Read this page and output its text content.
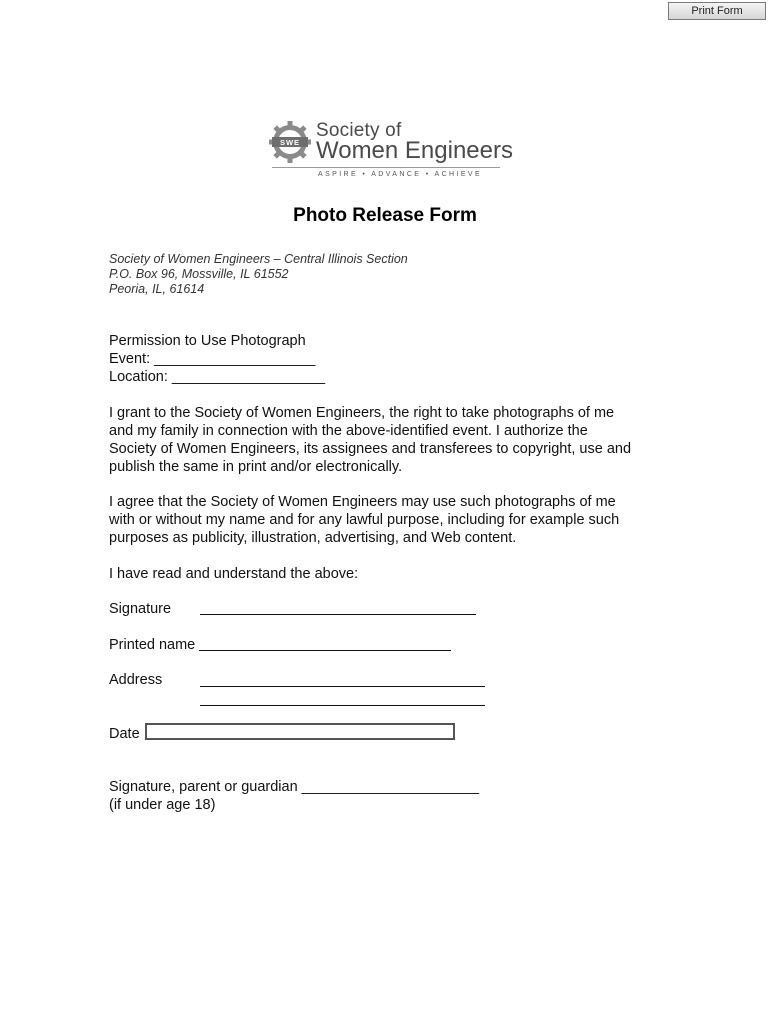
Print Form
SWE
Society of
Women Engineers
ASPIRE • ADVANCE • ACHIEVE
Photo Release Form
Society of Women Engineers – Central Illinois Section
P.O. Box 96, Mossville, IL 61552
Peoria, IL, 61614
Permission to Use Photograph
Event: ____________________
Location: ___________________
I grant to the Society of Women Engineers, the right to take photographs of me
and my family in connection with the above-identified event. I authorize the
Society of Women Engineers, its assignees and transferees to copyright, use and
publish the same in print and/or electronically.
I agree that the Society of Women Engineers may use such photographs of me
with or without my name and for any lawful purpose, including for example such
purposes as publicity, illustration, advertising, and Web content.
I have read and understand the above:
Signature
Printed name
Address
Date
Signature, parent or guardian ______________________
(if under age 18)
